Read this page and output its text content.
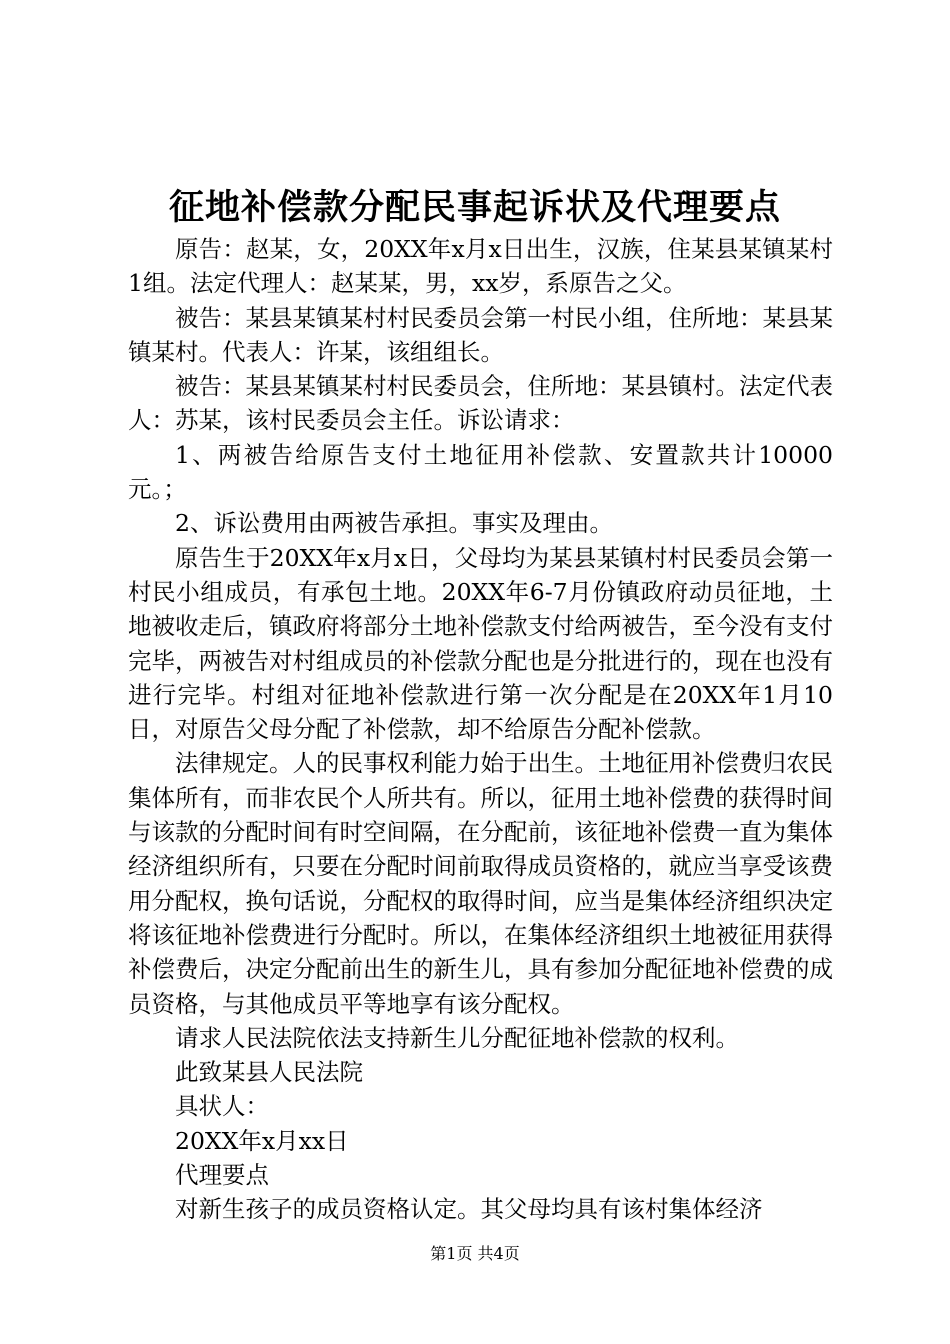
征地补偿款分配民事起诉状及代理要点

原告：赵某，女，20XX年x月x日出生，汉族，住某县某镇某村1组。法定代理人：赵某某，男，xx岁，系原告之父。

被告：某县某镇某村村民委员会第一村民小组，住所地：某县某镇某村。代表人：许某，该组组长。

被告：某县某镇某村村民委员会，住所地：某县镇村。法定代表人：苏某，该村民委员会主任。诉讼请求：

1、两被告给原告支付土地征用补偿款、安置款共计10000元。；

2、诉讼费用由两被告承担。事实及理由。

原告生于20XX年x月x日，父母均为某县某镇村村民委员会第一村民小组成员，有承包土地。20XX年6-7月份镇政府动员征地，土地被收走后，镇政府将部分土地补偿款支付给两被告，至今没有支付完毕，两被告对村组成员的补偿款分配也是分批进行的，现在也没有进行完毕。村组对征地补偿款进行第一次分配是在20XX年1月10日，对原告父母分配了补偿款，却不给原告分配补偿款。

法律规定。人的民事权利能力始于出生。土地征用补偿费归农民集体所有，而非农民个人所共有。所以，征用土地补偿费的获得时间与该款的分配时间有时空间隔，在分配前，该征地补偿费一直为集体经济组织所有，只要在分配时间前取得成员资格的，就应当享受该费用分配权，换句话说，分配权的取得时间，应当是集体经济组织决定将该征地补偿费进行分配时。所以，在集体经济组织土地被征用获得补偿费后，决定分配前出生的新生儿，具有参加分配征地补偿费的成员资格，与其他成员平等地享有该分配权。

请求人民法院依法支持新生儿分配征地补偿款的权利。

此致某县人民法院

具状人：

20XX年x月xx日

代理要点

对新生孩子的成员资格认定。其父母均具有该村集体经济

第1页 共4页
